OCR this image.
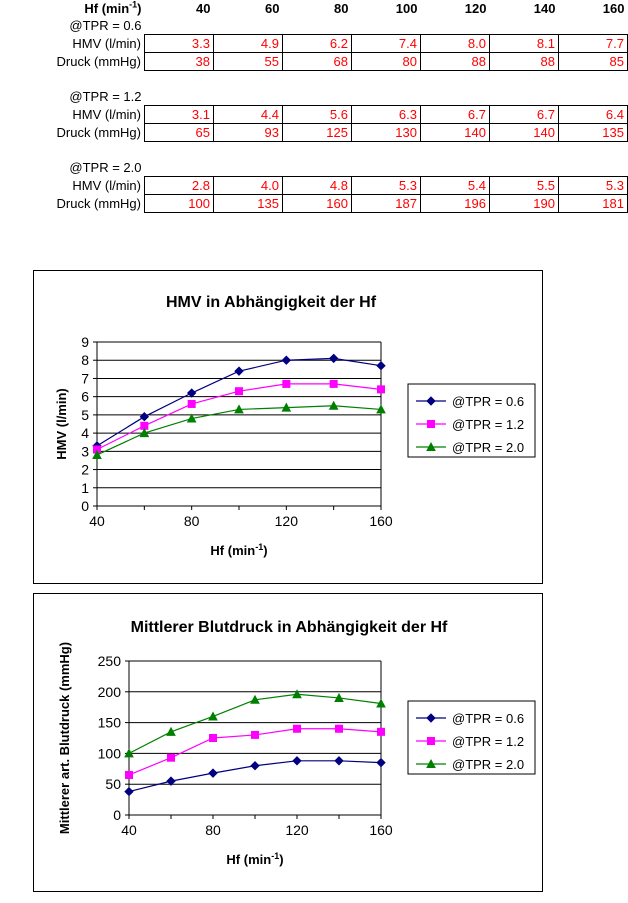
Hf $(\min^{-1})$	40	60	80	100	120	140	160
@TPR = 0.6							
HMV (l/min)	3.3	4.9	6.2	7.4	8.0	8.1	7.7
Druck (mmHg)	38	55	68	80	88	88	85

@TPR = 1.2							
HMV (l/min)	3.1	4.4	5.6	6.3	6.7	6.7	6.4
Druck (mmHg)	65	93	125	130	140	140	135

@TPR = 2.0							
HMV (l/min)	2.8	4.0	4.8	5.3	5.4	5.5	5.3
Druck (mmHg)	100	135	160	187	196	190	181
HMV in Abhängigkeit der Hf
0
1
2
3
4
5
6
7
8
9
40	80	120	160
Hf $(\min^{-1})$
HMV (l/min)	@TPR = 0.6
@TPR = 1.2
@TPR = 2.0
Mittlerer Blutdruck in Abhängigkeit der Hf
0
50
100
150
200
250
40	80	120	160
Hf $(\min^{-1})$
Mittlerer art. Blutdruck (mmHg)	@TPR = 0.6
@TPR = 1.2
@TPR = 2.0
